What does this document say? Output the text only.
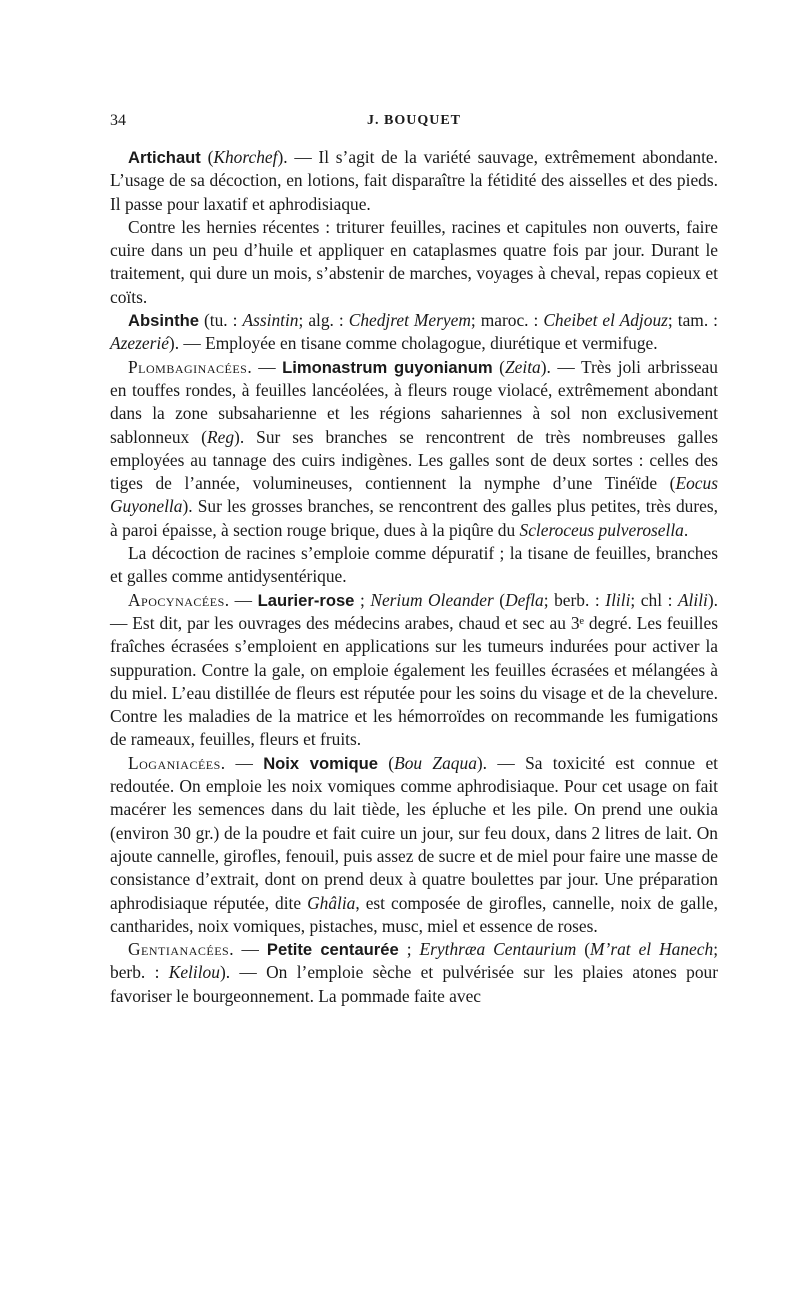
34	J. BOUQUET

Artichaut (Khorchef). — Il s’agit de la variété sauvage, extrêmement abondante. L’usage de sa décoction, en lotions, fait disparaître la fétidité des aisselles et des pieds. Il passe pour laxatif et aphrodisiaque.

Contre les hernies récentes : triturer feuilles, racines et capitules non ouverts, faire cuire dans un peu d’huile et appliquer en cataplasmes quatre fois par jour. Durant le traitement, qui dure un mois, s’abstenir de marches, voyages à cheval, repas copieux et coïts.

Absinthe (tu. : Assintin; alg. : Chedjret Meryem; maroc. : Cheibet el Adjouz; tam. : Azezerié). — Employée en tisane comme cholagogue, diurétique et vermifuge.

Plombaginacées. — Limonastrum guyonianum (Zeita). — Très joli arbrisseau en touffes rondes, à feuilles lancéolées, à fleurs rouge violacé, extrêmement abondant dans la zone subsaharienne et les régions sahariennes à sol non exclusivement sablonneux (Reg). Sur ses branches se rencontrent de très nombreuses galles employées au tannage des cuirs indigènes. Les galles sont de deux sortes : celles des tiges de l’année, volumineuses, contiennent la nymphe d’une Tinéïde (Eocus Guyonella). Sur les grosses branches, se rencontrent des galles plus petites, très dures, à paroi épaisse, à section rouge brique, dues à la piqûre du Scleroceus pulverosella.

La décoction de racines s’emploie comme dépuratif ; la tisane de feuilles, branches et galles comme antidysentérique.

Apocynacées. — Laurier-rose ; Nerium Oleander (Defla; berb. : Ilili; chl : Alili). — Est dit, par les ouvrages des médecins arabes, chaud et sec au 3ᵉ degré. Les feuilles fraîches écrasées s’emploient en applications sur les tumeurs indurées pour activer la suppuration. Contre la gale, on emploie également les feuilles écrasées et mélangées à du miel. L’eau distillée de fleurs est réputée pour les soins du visage et de la chevelure. Contre les maladies de la matrice et les hémorroïdes on recommande les fumigations de rameaux, feuilles, fleurs et fruits.

Loganiacées. — Noix vomique (Bou Zaqua). — Sa toxicité est connue et redoutée. On emploie les noix vomiques comme aphrodisiaque. Pour cet usage on fait macérer les semences dans du lait tiède, les épluche et les pile. On prend une oukia (environ 30 gr.) de la poudre et fait cuire un jour, sur feu doux, dans 2 litres de lait. On ajoute cannelle, girofles, fenouil, puis assez de sucre et de miel pour faire une masse de consistance d’extrait, dont on prend deux à quatre boulettes par jour. Une préparation aphrodisiaque réputée, dite Ghâlia, est composée de girofles, cannelle, noix de galle, cantharides, noix vomiques, pistaches, musc, miel et essence de roses.

Gentianacées. — Petite centaurée ; Erythræa Centaurium (M’rat el Hanech; berb. : Kelilou). — On l’emploie sèche et pulvérisée sur les plaies atones pour favoriser le bourgeonnement. La pommade faite avec
